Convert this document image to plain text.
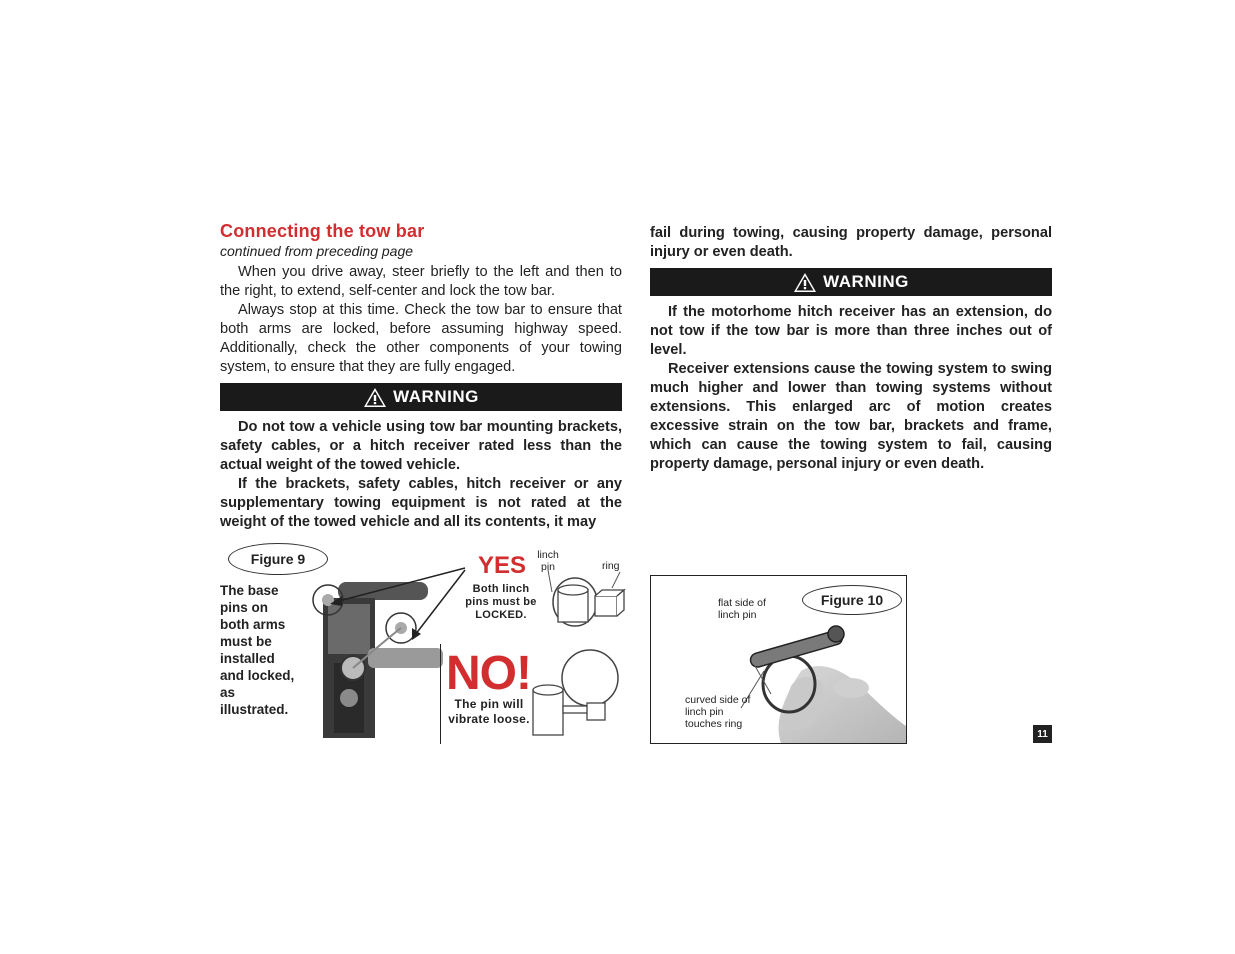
Connecting the tow bar
continued from preceding page

When you drive away, steer briefly to the left and then to the right, to extend, self-center and lock the tow bar.

Always stop at this time. Check the tow bar to ensure that both arms are locked, before assuming highway speed. Additionally, check the other components of your towing system, to ensure that they are fully engaged.

WARNING

Do not tow a vehicle using tow bar mounting brackets, safety cables, or a hitch receiver rated less than the actual weight of the towed vehicle.

If the brackets, safety cables, hitch receiver or any supplementary towing equipment is not rated at the weight of the towed vehicle and all its contents, it may

fail during towing, causing property damage, personal injury or even death.

WARNING

If the motorhome hitch receiver has an extension, do not tow if the tow bar is more than three inches out of level.

Receiver extensions cause the towing system to swing much higher and lower than towing systems without extensions. This enlarged arc of motion creates excessive strain on the tow bar, brackets and frame, which can cause the towing system to fail, causing property damage, personal injury or even death.

Figure 9
The base pins on both arms must be installed and locked, as illustrated.
YES
Both linch pins must be LOCKED.
linch pin	ring
NO!
The pin will vibrate loose.
flat side of linch pin
Figure 10
curved side of linch pin touches ring
11
